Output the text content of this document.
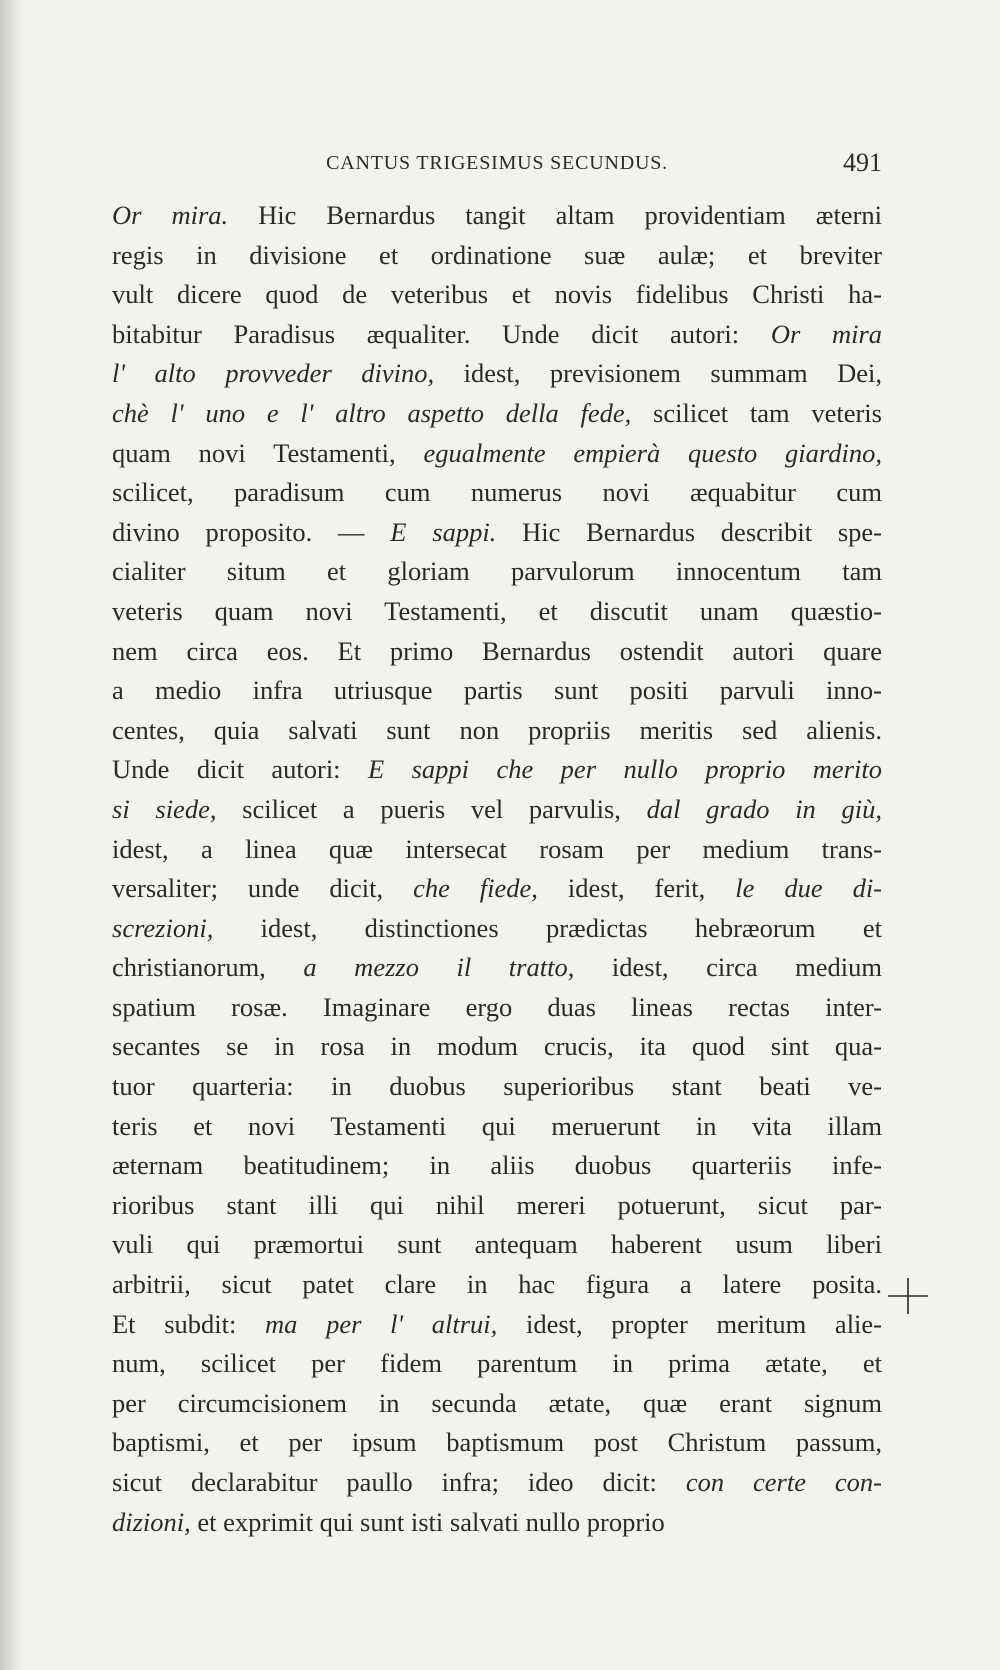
CANTUS TRIGESIMUS SECUNDUS.	491
Or mira. Hic Bernardus tangit altam providentiam æterni
regis in divisione et ordinatione suæ aulæ; et breviter
vult dicere quod de veteribus et novis fidelibus Christi ha-
bitabitur Paradisus æqualiter. Unde dicit autori: Or mira
l' alto provveder divino, idest, previsionem summam Dei,
chè l' uno e l' altro aspetto della fede, scilicet tam veteris
quam novi Testamenti, egualmente empierà questo giardino,
scilicet, paradisum cum numerus novi æquabitur cum
divino proposito. — E sappi. Hic Bernardus describit spe-
cialiter situm et gloriam parvulorum innocentum tam
veteris quam novi Testamenti, et discutit unam quæstio-
nem circa eos. Et primo Bernardus ostendit autori quare
a medio infra utriusque partis sunt positi parvuli inno-
centes, quia salvati sunt non propriis meritis sed alienis.
Unde dicit autori: E sappi che per nullo proprio merito
si siede, scilicet a pueris vel parvulis, dal grado in giù,
idest, a linea quæ intersecat rosam per medium trans-
versaliter; unde dicit, che fiede, idest, ferit, le due di-
screzioni, idest, distinctiones prædictas hebræorum et
christianorum, a mezzo il tratto, idest, circa medium
spatium rosæ. Imaginare ergo duas lineas rectas inter-
secantes se in rosa in modum crucis, ita quod sint qua-
tuor quarteria: in duobus superioribus stant beati ve-
teris et novi Testamenti qui meruerunt in vita illam
æternam beatitudinem; in aliis duobus quarteriis infe-
rioribus stant illi qui nihil mereri potuerunt, sicut par-
vuli qui præmortui sunt antequam haberent usum liberi
arbitrii, sicut patet clare in hac figura a latere posita.
Et subdit: ma per l' altrui, idest, propter meritum alie-
num, scilicet per fidem parentum in prima ætate, et
per circumcisionem in secunda ætate, quæ erant signum
baptismi, et per ipsum baptismum post Christum passum,
sicut declarabitur paullo infra; ideo dicit: con certe con-
dizioni, et exprimit qui sunt isti salvati nullo proprio
